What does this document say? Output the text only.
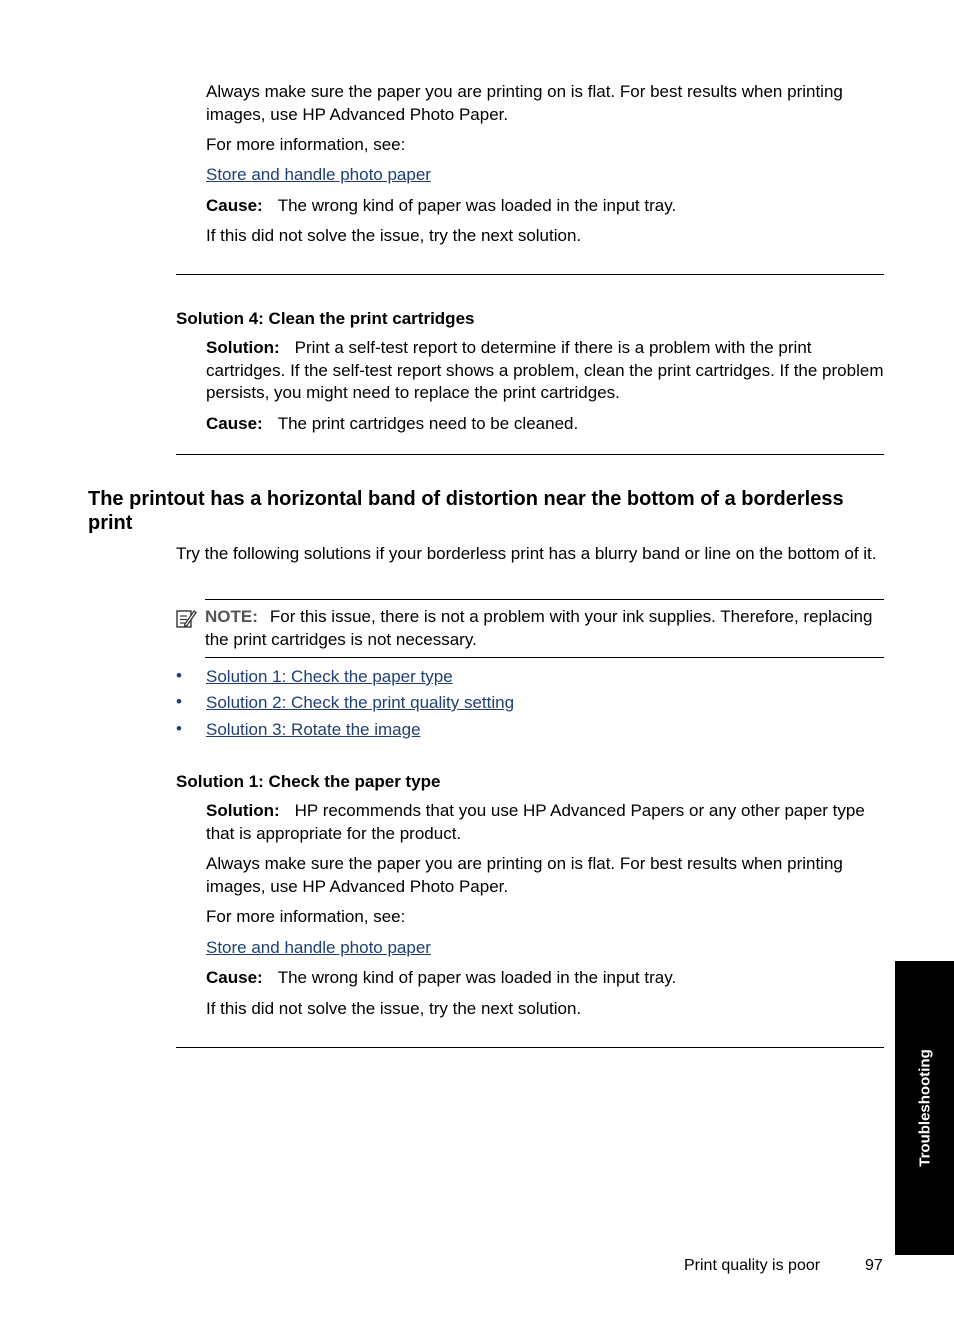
Always make sure the paper you are printing on is flat. For best results when printing images, use HP Advanced Photo Paper.
For more information, see:
Store and handle photo paper
Cause: The wrong kind of paper was loaded in the input tray.
If this did not solve the issue, try the next solution.
Solution 4: Clean the print cartridges
Solution: Print a self-test report to determine if there is a problem with the print cartridges. If the self-test report shows a problem, clean the print cartridges. If the problem persists, you might need to replace the print cartridges.
Cause: The print cartridges need to be cleaned.
The printout has a horizontal band of distortion near the bottom of a borderless print
Try the following solutions if your borderless print has a blurry band or line on the bottom of it.
NOTE: For this issue, there is not a problem with your ink supplies. Therefore, replacing the print cartridges is not necessary.
• Solution 1: Check the paper type
• Solution 2: Check the print quality setting
• Solution 3: Rotate the image
Solution 1: Check the paper type
Solution: HP recommends that you use HP Advanced Papers or any other paper type that is appropriate for the product.
Always make sure the paper you are printing on is flat. For best results when printing images, use HP Advanced Photo Paper.
For more information, see:
Store and handle photo paper
Cause: The wrong kind of paper was loaded in the input tray.
If this did not solve the issue, try the next solution.
Troubleshooting
Print quality is poor	97
